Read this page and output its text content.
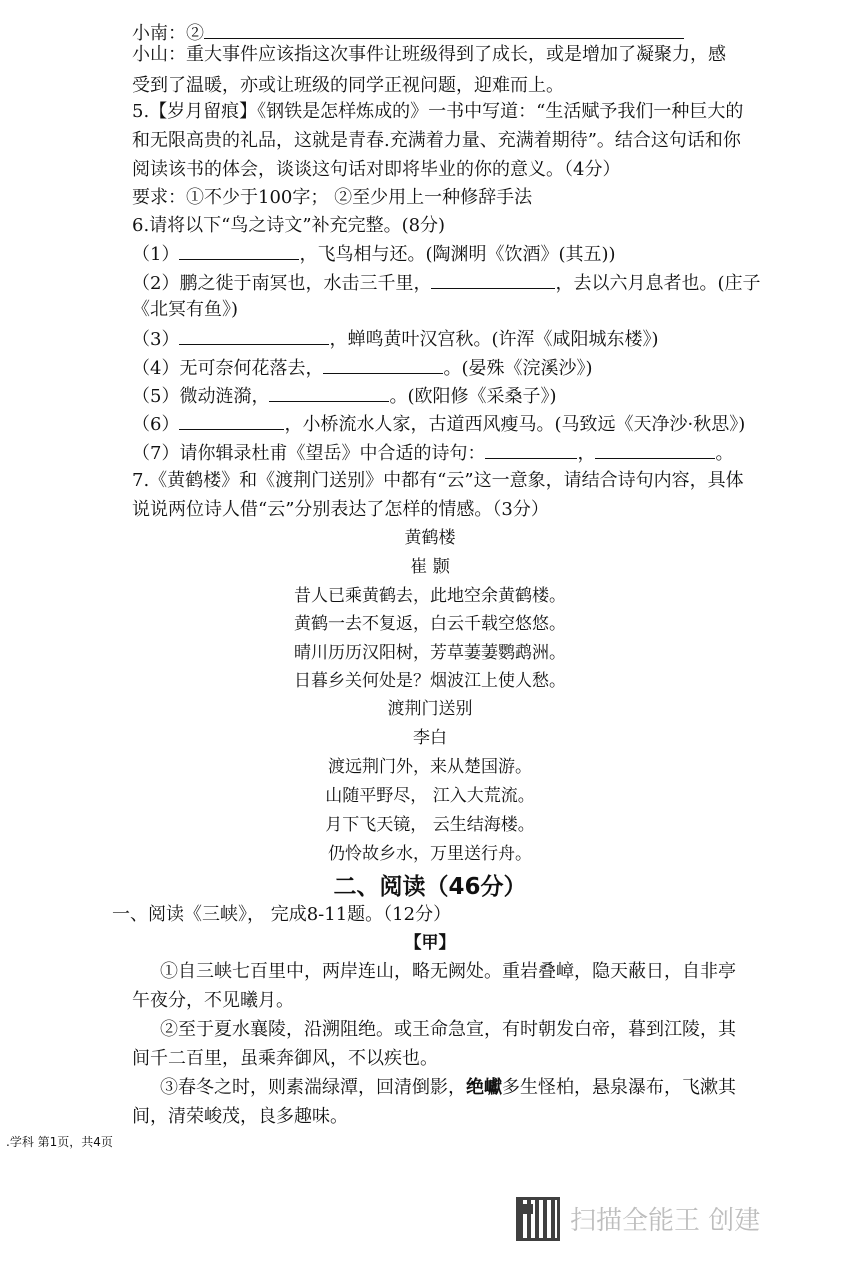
小南：②
小山：重大事件应该指这次事件让班级得到了成长，或是增加了凝聚力，感
受到了温暖，亦或让班级的同学正视问题，迎难而上。
5.【岁月留痕】《钢铁是怎样炼成的》一书中写道：“生活赋予我们一种巨大的
和无限高贵的礼品，这就是青春.充满着力量、充满着期待”。结合这句话和你
阅读该书的体会，谈谈这句话对即将毕业的你的意义。（4分）
要求：①不少于100字； ②至少用上一种修辞手法
6.请将以下“鸟之诗文”补充完整。(8分)
（1）	，飞鸟相与还。(陶渊明《饮酒》(其五))
（2）鹏之徙于南冥也，水击三千里，	，去以六月息者也。(庄子
《北冥有鱼》)
（3）	，蝉鸣黄叶汉宫秋。(许浑《咸阳城东楼》)
（4）无可奈何花落去，	。(晏殊《浣溪沙》)
（5）微动涟漪，	。(欧阳修《采桑子》)
（6）	，小桥流水人家，古道西风瘦马。(马致远《天净沙·秋思》)
（7）请你辑录杜甫《望岳》中合适的诗句：	，	。
7.《黄鹤楼》和《渡荆门送别》中都有“云”这一意象，请结合诗句内容，具体
说说两位诗人借“云”分别表达了怎样的情感。（3分）
黄鹤楼
崔 颢
昔人已乘黄鹤去，此地空余黄鹤楼。
黄鹤一去不复返，白云千载空悠悠。
晴川历历汉阳树，芳草萋萋鹦鹉洲。
日暮乡关何处是？烟波江上使人愁。
渡荆门送别
李白
渡远荆门外，来从楚国游。
山随平野尽， 江入大荒流。
月下飞天镜， 云生结海楼。
仍怜故乡水，万里送行舟。
二、阅读（46分）
一、阅读《三峡》， 完成8-11题。（12分）
【甲】
①自三峡七百里中，两岸连山，略无阙处。重岩叠嶂，隐天蔽日，自非亭
午夜分，不见曦月。
②至于夏水襄陵，沿溯阻绝。或王命急宣，有时朝发白帝，暮到江陵，其
间千二百里，虽乘奔御风，不以疾也。
③春冬之时，则素湍绿潭，回清倒影，绝巘多生怪柏，悬泉瀑布，飞漱其
间，清荣峻茂，良多趣味。
.学科 第1页，共4页
扫描全能王 创建
